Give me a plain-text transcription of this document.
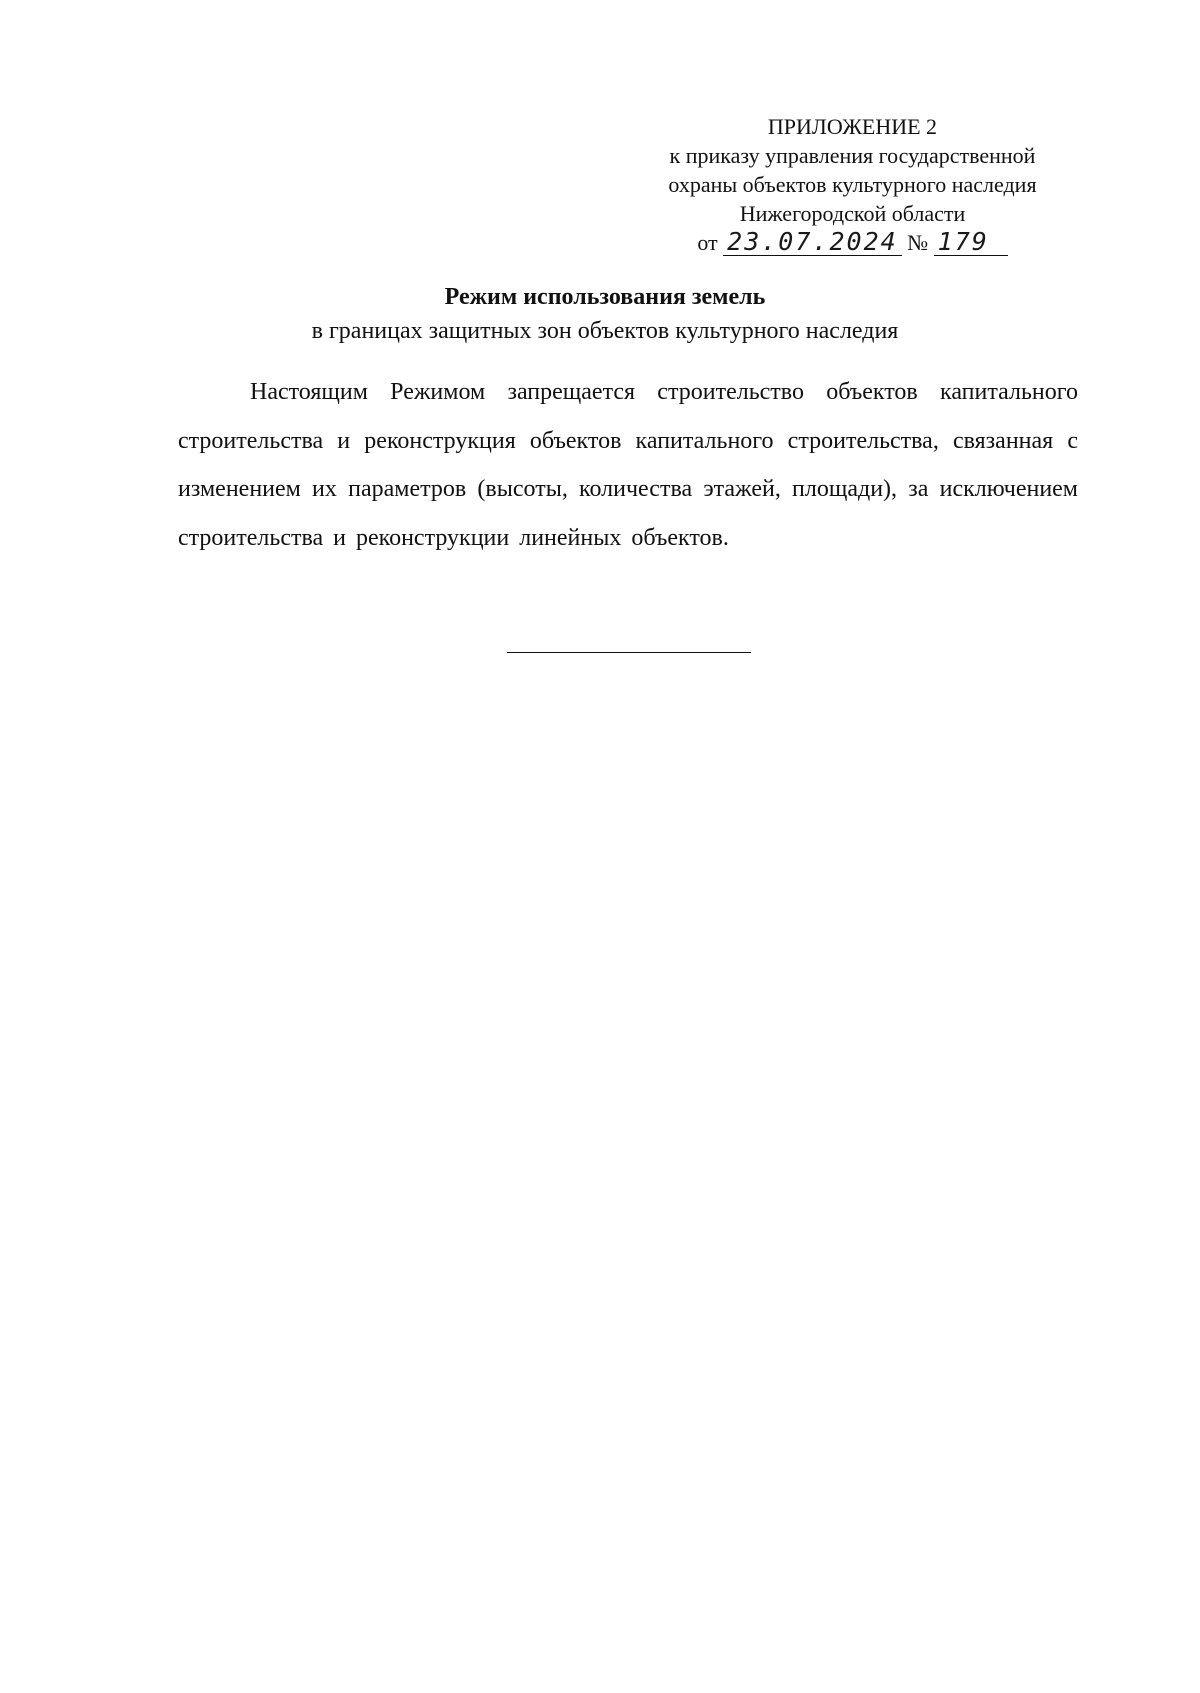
ПРИЛОЖЕНИЕ 2
к приказу управления государственной
охраны объектов культурного наследия
Нижегородской области
от 23.07.2024 № 179
Режим использования земель
в границах защитных зон объектов культурного наследия

Настоящим Режимом запрещается строительство объектов капитального строительства и реконструкция объектов капитального строительства, связанная с изменением их параметров (высоты, количества этажей, площади), за исключением строительства и реконструкции линейных объектов.
